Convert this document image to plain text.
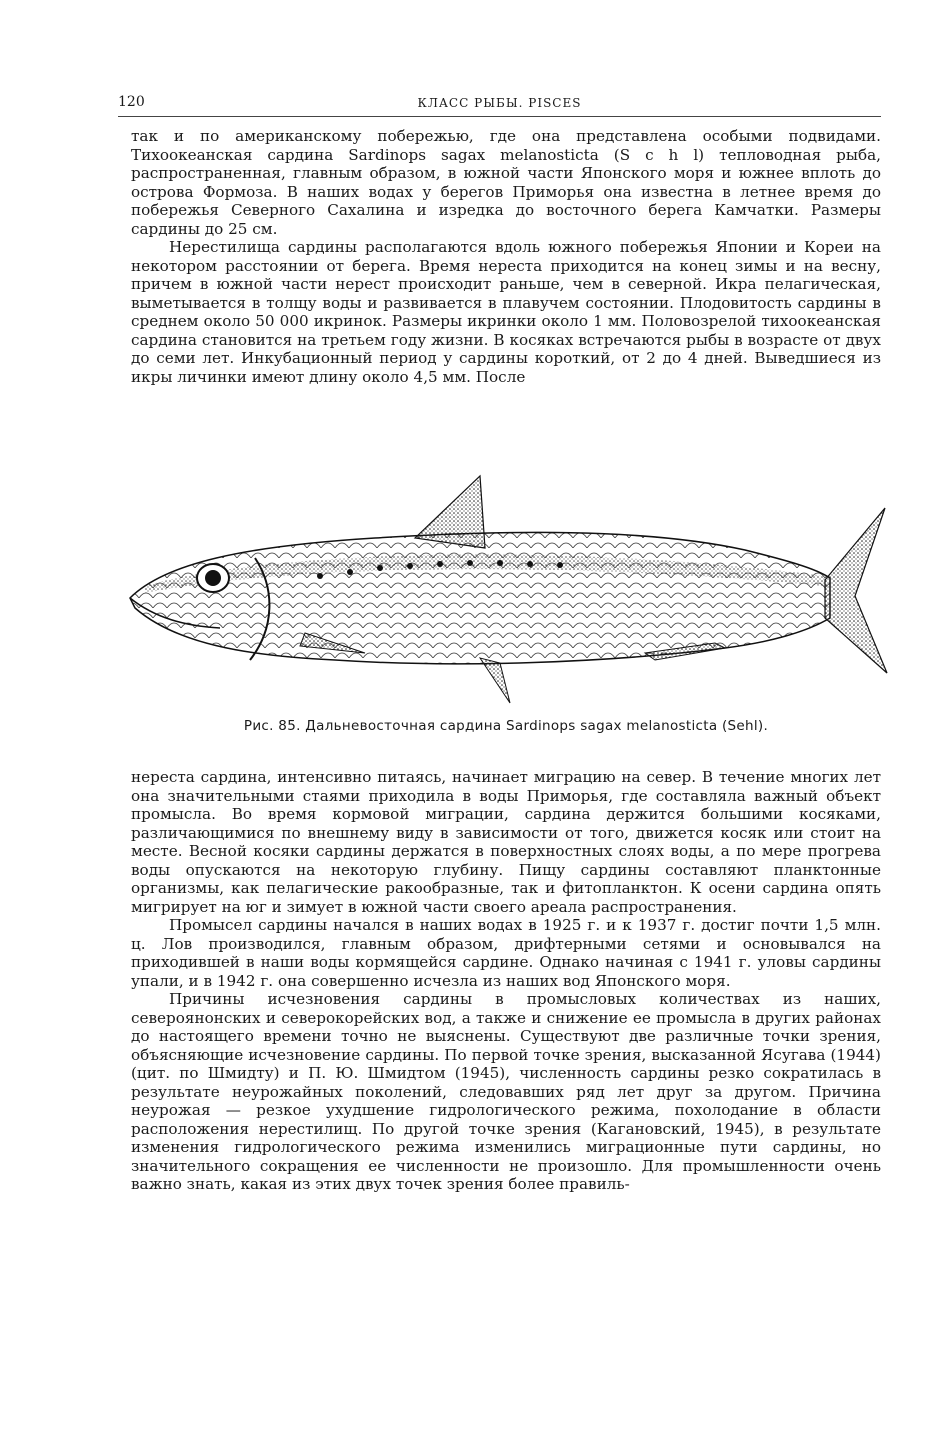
120	КЛАСС РЫБЫ. PISCES

так и по американскому побережью, где она представлена особыми подвидами. Тихоокеанская сардина Sardinops sagax melanosticta (S c h l) тепловодная рыба, распространенная, главным образом, в южной части Японского моря и южнее вплоть до острова Формоза. В наших водах у берегов Приморья она известна в летнее время до побережья Северного Сахалина и изредка до восточного берега Камчатки. Размеры сардины до 25 см.

Нерестилища сардины располагаются вдоль южного побережья Японии и Кореи на некотором расстоянии от берега. Время нереста приходится на конец зимы и на весну, причем в южной части нерест происходит раньше, чем в северной. Икра пелагическая, выметывается в толщу воды и развивается в плавучем состоянии. Плодовитость сардины в среднем около 50 000 икринок. Размеры икринки около 1 мм. Половозрелой тихоокеанская сардина становится на третьем году жизни. В косяках встречаются рыбы в возрасте от двух до семи лет. Инкубационный период у сардины короткий, от 2 до 4 дней. Выведшиеся из икры личинки имеют длину около 4,5 мм. После

Рис. 85. Дальневосточная сардина Sardinops sagax melanosticta (Sehl).

нереста сардина, интенсивно питаясь, начинает миграцию на север. В течение многих лет она значительными стаями приходила в воды Приморья, где составляла важный объект промысла. Во время кормовой миграции, сардина держится большими косяками, различающимися по внешнему виду в зависимости от того, движется косяк или стоит на месте. Весной косяки сардины держатся в поверхностных слоях воды, а по мере прогрева воды опускаются на некоторую глубину. Пищу сардины составляют планктонные организмы, как пелагические ракообразные, так и фитопланктон. К осени сардина опять мигрирует на юг и зимует в южной части своего ареала распространения.

Промысел сардины начался в наших водах в 1925 г. и к 1937 г. достиг почти 1,5 млн. ц. Лов производился, главным образом, дрифтерными сетями и основывался на приходившей в наши воды кормящейся сардине. Однако начиная с 1941 г. уловы сардины упали, и в 1942 г. она совершенно исчезла из наших вод Японского моря.

Причины исчезновения сардины в промысловых количествах из наших, североянонских и северокорейских вод, а также и снижение ее промысла в других районах до настоящего времени точно не выяснены. Существуют две различные точки зрения, объясняющие исчезновение сардины. По первой точке зрения, высказанной Ясугава (1944) (цит. по Шмидту) и П. Ю. Шмидтом (1945), численность сардины резко сократилась в результате неурожайных поколений, следовавших ряд лет друг за другом. Причина неурожая — резкое ухудшение гидрологического режима, похолодание в области расположения нерестилищ. По другой точке зрения (Кагановский, 1945), в результате изменения гидрологического режима изменились миграционные пути сардины, но значительного сокращения ее численности не произошло. Для промышленности очень важно знать, какая из этих двух точек зрения более правиль-
